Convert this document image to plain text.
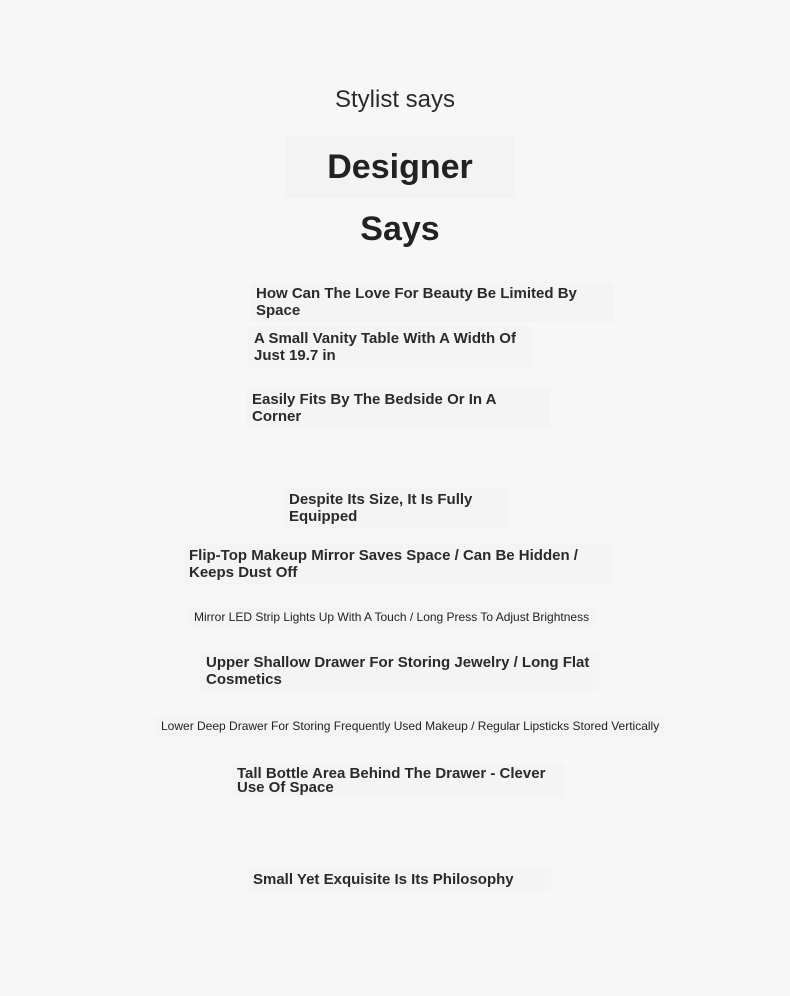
Stylist says
Designer Says
How Can The Love For Beauty Be Limited By Space
A Small Vanity Table With A Width Of Just 19.7 in
Easily Fits By The Bedside Or In A Corner
Despite Its Size, It Is Fully Equipped
Flip-Top Makeup Mirror Saves Space / Can Be Hidden / Keeps Dust Off
Mirror LED Strip Lights Up With A Touch / Long Press To Adjust Brightness
Upper Shallow Drawer For Storing Jewelry / Long Flat Cosmetics
Lower Deep Drawer For Storing Frequently Used Makeup / Regular Lipsticks Stored Vertically
Tall Bottle Area Behind The Drawer - Clever Use Of Space
Small Yet Exquisite Is Its Philosophy
